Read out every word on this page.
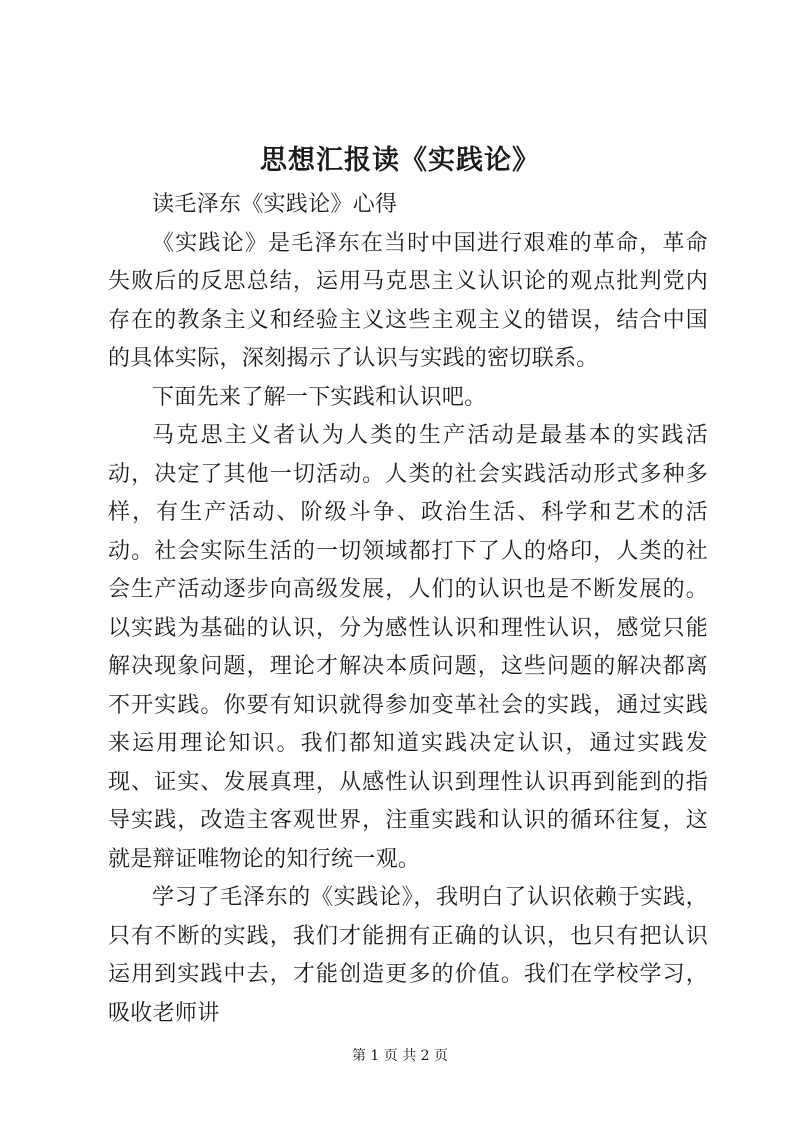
思想汇报读《实践论》

读毛泽东《实践论》心得

《实践论》是毛泽东在当时中国进行艰难的革命，革命失败后的反思总结，运用马克思主义认识论的观点批判党内存在的教条主义和经验主义这些主观主义的错误，结合中国的具体实际，深刻揭示了认识与实践的密切联系。

下面先来了解一下实践和认识吧。

马克思主义者认为人类的生产活动是最基本的实践活动，决定了其他一切活动。人类的社会实践活动形式多种多样，有生产活动、阶级斗争、政治生活、科学和艺术的活动。社会实际生活的一切领域都打下了人的烙印，人类的社会生产活动逐步向高级发展，人们的认识也是不断发展的。以实践为基础的认识，分为感性认识和理性认识，感觉只能解决现象问题，理论才解决本质问题，这些问题的解决都离不开实践。你要有知识就得参加变革社会的实践，通过实践来运用理论知识。我们都知道实践决定认识，通过实践发现、证实、发展真理，从感性认识到理性认识再到能到的指导实践，改造主客观世界，注重实践和认识的循环往复，这就是辩证唯物论的知行统一观。

学习了毛泽东的《实践论》，我明白了认识依赖于实践，只有不断的实践，我们才能拥有正确的认识，也只有把认识运用到实践中去，才能创造更多的价值。我们在学校学习，吸收老师讲

第 1 页 共 2 页
